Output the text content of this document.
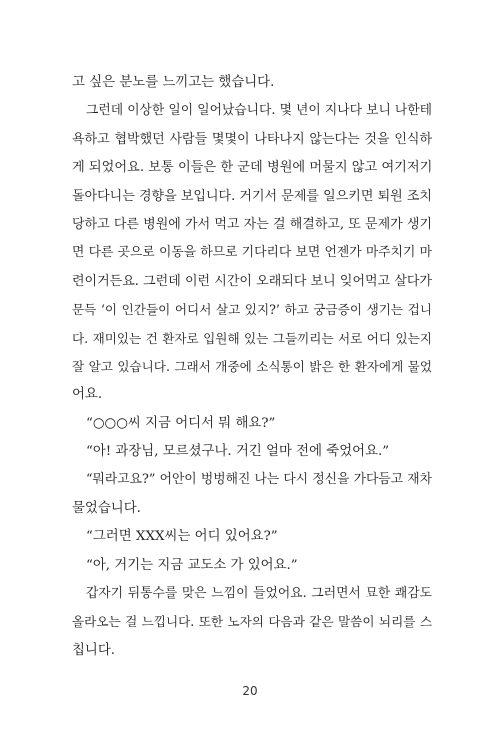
고 싶은 분노를 느끼고는 했습니다.
그런데 이상한 일이 일어났습니다. 몇 년이 지나다 보니 나한테
욕하고 협박했던 사람들 몇몇이 나타나지 않는다는 것을 인식하
게 되었어요. 보통 이들은 한 군데 병원에 머물지 않고 여기저기
돌아다니는 경향을 보입니다. 거기서 문제를 일으키면 퇴원 조치
당하고 다른 병원에 가서 먹고 자는 걸 해결하고, 또 문제가 생기
면 다른 곳으로 이동을 하므로 기다리다 보면 언젠가 마주치기 마
련이거든요. 그런데 이런 시간이 오래되다 보니 잊어먹고 살다가
문득 ‘이 인간들이 어디서 살고 있지?’ 하고 궁금증이 생기는 겁니
다. 재미있는 건 환자로 입원해 있는 그들끼리는 서로 어디 있는지
잘 알고 있습니다. 그래서 개중에 소식통이 밝은 한 환자에게 물었
어요.
“○○○씨 지금 어디서 뭐 해요?”
“아! 과장님, 모르셨구나. 거긴 얼마 전에 죽었어요.”
“뭐라고요?” 어안이 벙벙해진 나는 다시 정신을 가다듬고 재차
물었습니다.
“그러면 XXX씨는 어디 있어요?”
“아, 거기는 지금 교도소 가 있어요.”
갑자기 뒤통수를 맞은 느낌이 들었어요. 그러면서 묘한 쾌감도
올라오는 걸 느낍니다. 또한 노자의 다음과 같은 말씀이 뇌리를 스
칩니다.
20
